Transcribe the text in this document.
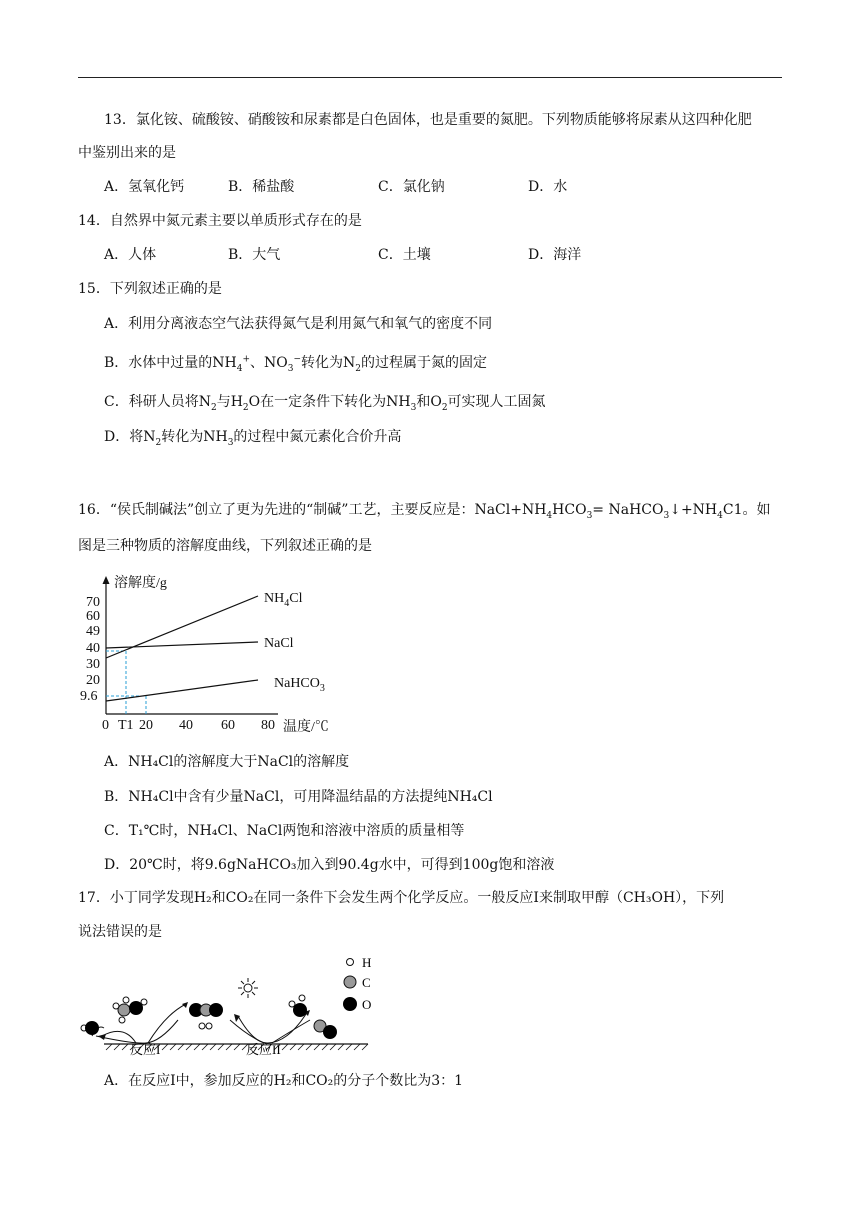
13．氯化铵、硫酸铵、硝酸铵和尿素都是白色固体，也是重要的氮肥。下列物质能够将尿素从这四种化肥
中鉴别出来的是
A．氢氧化钙	B．稀盐酸	C．氯化钠	D．水
14．自然界中氮元素主要以单质形式存在的是
A．人体	B．大气	C．土壤	D．海洋
15．下列叙述正确的是
A．利用分离液态空气法获得氮气是利用氮气和氧气的密度不同
B．水体中过量的$NH_4^+$、$NO_3^-$转化为$N_2$的过程属于氮的固定
C．科研人员将$N_2$与$H_2O$在一定条件下转化为$NH_3$和$O_2$可实现人工固氮
D．将$N_2$转化为$NH_3$的过程中氮元素化合价升高
16．“侯氏制碱法”创立了更为先进的“制碱”工艺，主要反应是：$NaCl+NH_4HCO_3=$ $NaHCO_3↓+NH_4C1$。如
图是三种物质的溶解度曲线，下列叙述正确的是
溶解度/g
温度/℃
70
60
49
40
30
20
9.6
0 T1 20 40 60 80
$NH_4Cl$
NaCl
NaHCO$_3$
A．NH₄Cl的溶解度大于NaCl的溶解度
B．NH₄Cl中含有少量NaCl，可用降温结晶的方法提纯NH₄Cl
C．T₁℃时，NH₄Cl、NaCl两饱和溶液中溶质的质量相等
D．20℃时，将9.6gNaHCO₃加入到90.4g水中，可得到100g饱和溶液
17．小丁同学发现H₂和CO₂在同一条件下会发生两个化学反应。一般反应Ⅰ来制取甲醇（CH₃OH），下列
说法错误的是
H
C
O
反应I	反应II
A．在反应Ⅰ中，参加反应的H₂和CO₂的分子个数比为3：1
